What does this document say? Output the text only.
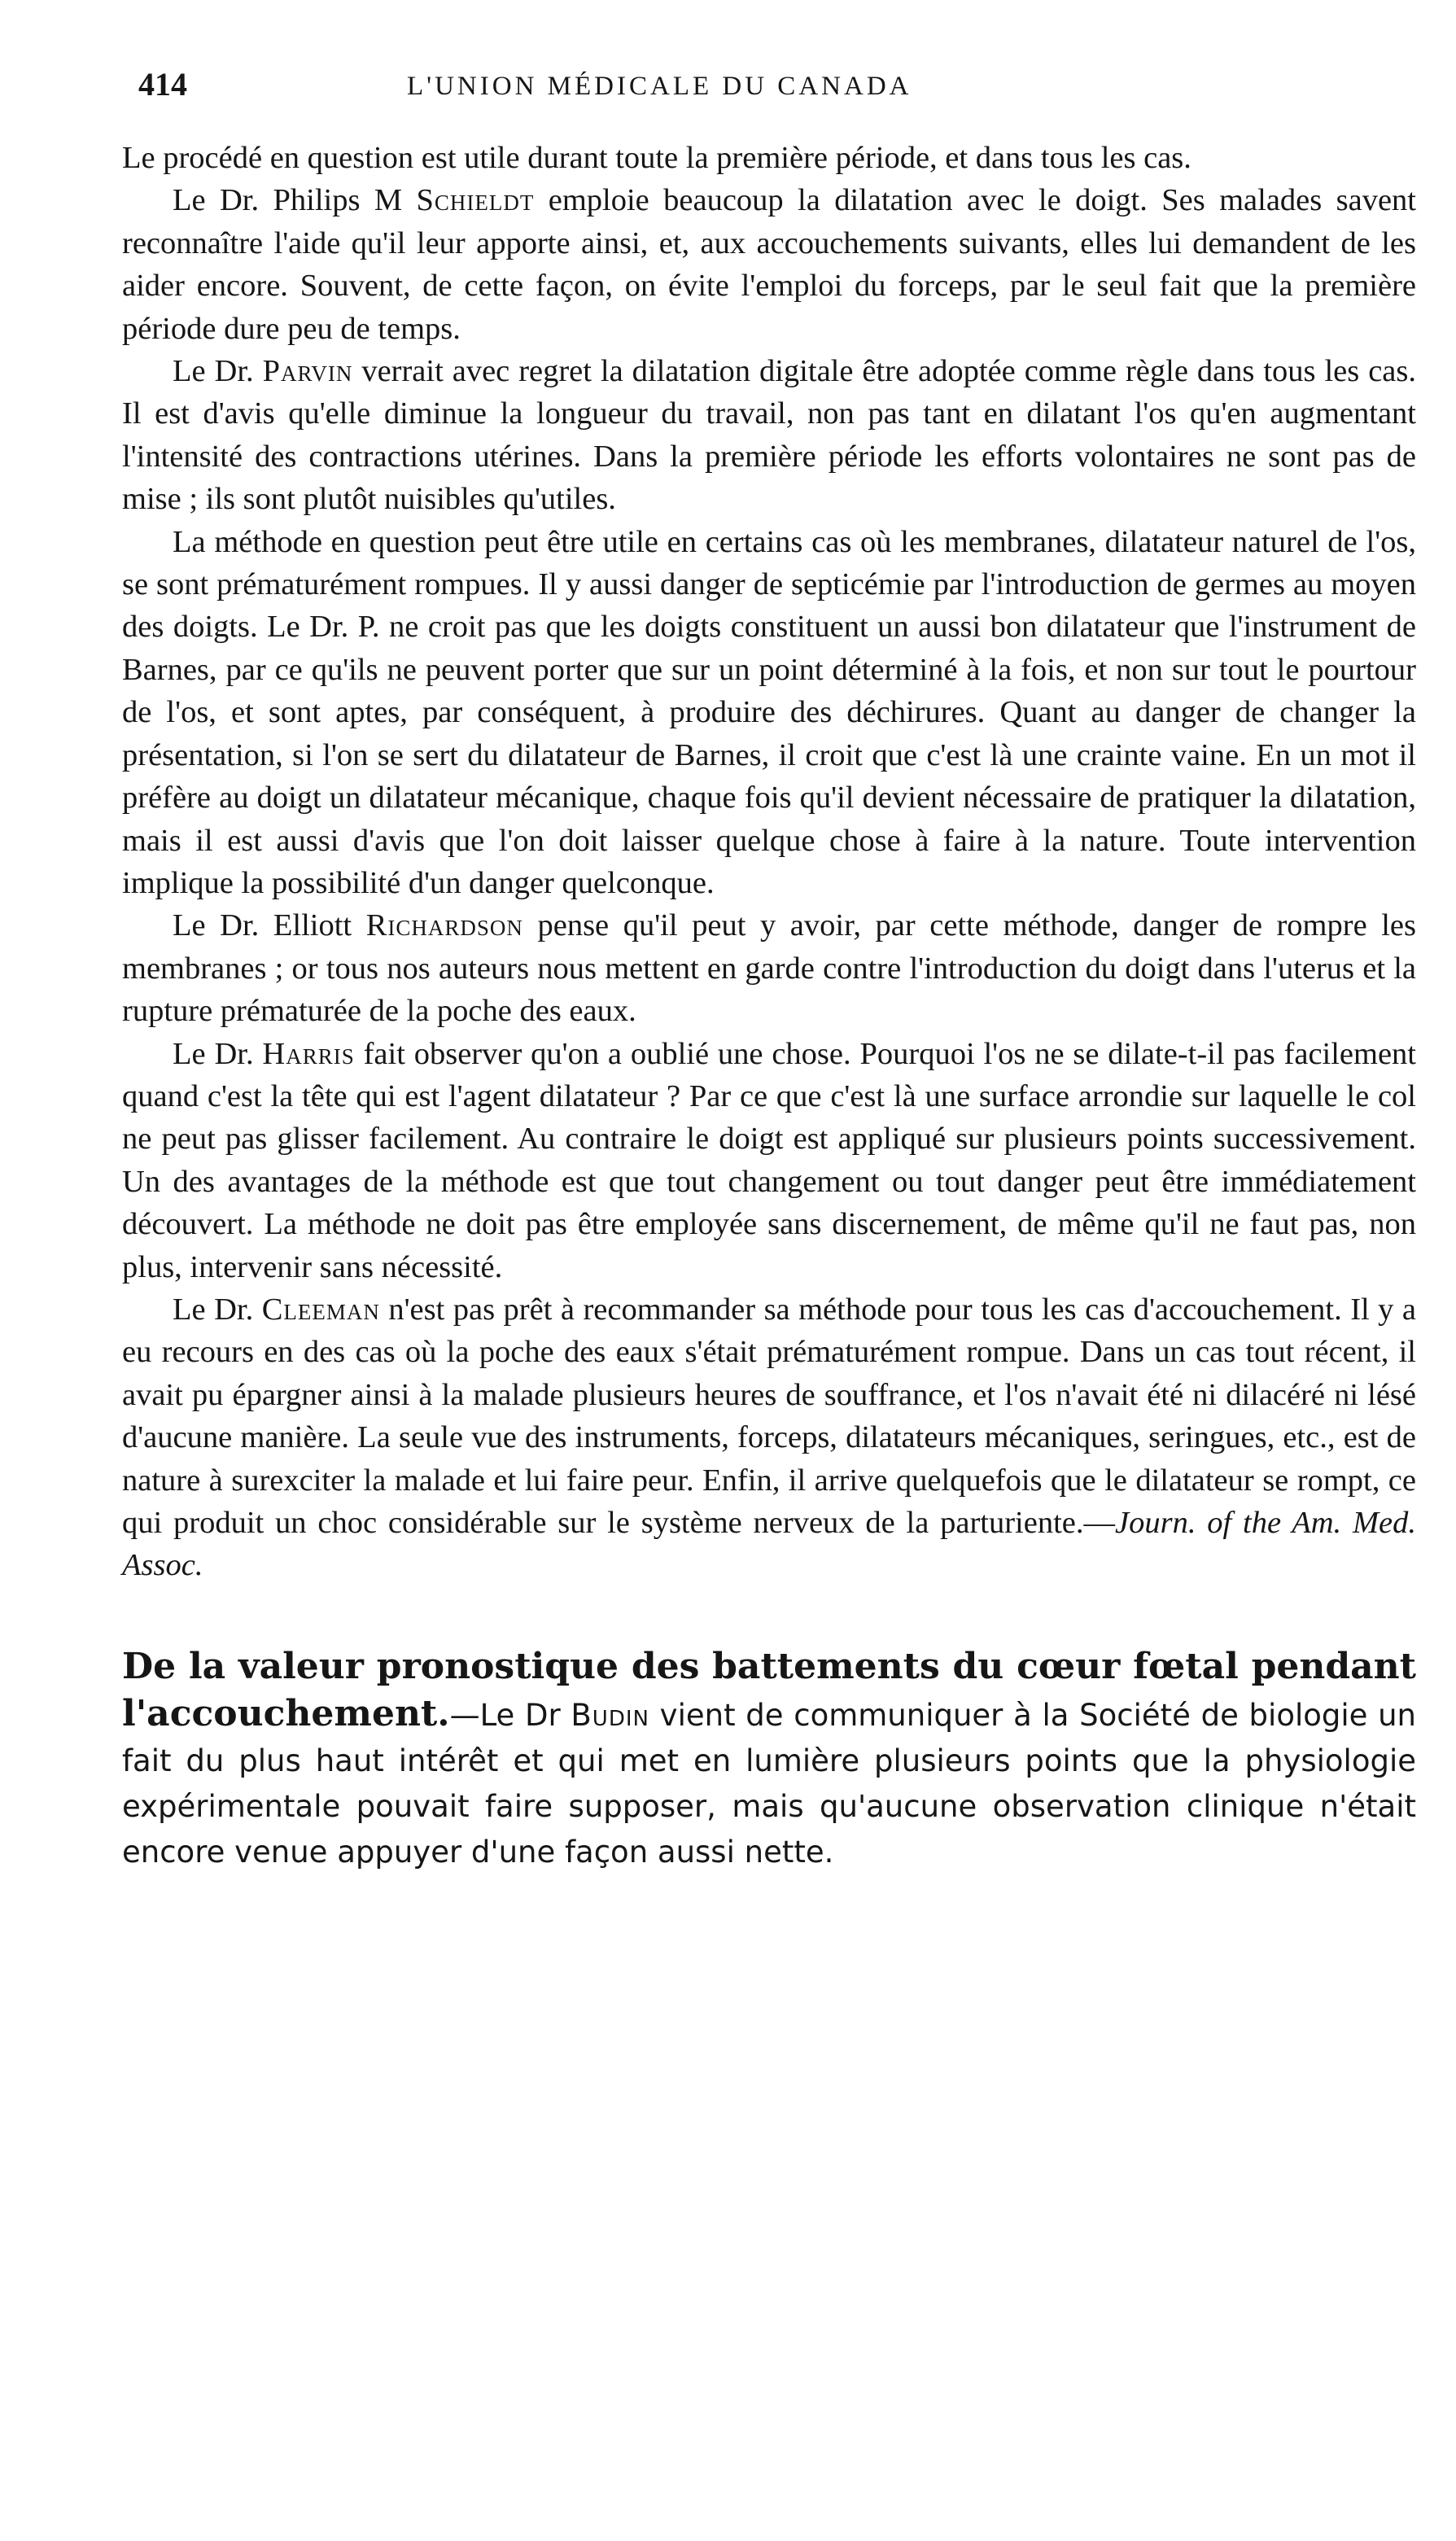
414	L'UNION MÉDICALE DU CANADA

Le procédé en question est utile durant toute la première période, et dans tous les cas.

Le Dr. Philips M Schieldt emploie beaucoup la dilatation avec le doigt. Ses malades savent reconnaître l'aide qu'il leur apporte ainsi, et, aux accouchements suivants, elles lui demandent de les aider encore. Souvent, de cette façon, on évite l'emploi du forceps, par le seul fait que la première période dure peu de temps.

Le Dr. Parvin verrait avec regret la dilatation digitale être adoptée comme règle dans tous les cas. Il est d'avis qu'elle diminue la longueur du travail, non pas tant en dilatant l'os qu'en augmentant l'intensité des contractions utérines. Dans la première période les efforts volontaires ne sont pas de mise ; ils sont plutôt nuisibles qu'utiles.

La méthode en question peut être utile en certains cas où les membranes, dilatateur naturel de l'os, se sont prématurément rompues. Il y aussi danger de septicémie par l'introduction de germes au moyen des doigts. Le Dr. P. ne croit pas que les doigts constituent un aussi bon dilatateur que l'instrument de Barnes, par ce qu'ils ne peuvent porter que sur un point déterminé à la fois, et non sur tout le pourtour de l'os, et sont aptes, par conséquent, à produire des déchirures. Quant au danger de changer la présentation, si l'on se sert du dilatateur de Barnes, il croit que c'est là une crainte vaine. En un mot il préfère au doigt un dilatateur mécanique, chaque fois qu'il devient nécessaire de pratiquer la dilatation, mais il est aussi d'avis que l'on doit laisser quelque chose à faire à la nature. Toute intervention implique la possibilité d'un danger quelconque.

Le Dr. Elliott Richardson pense qu'il peut y avoir, par cette méthode, danger de rompre les membranes ; or tous nos auteurs nous mettent en garde contre l'introduction du doigt dans l'uterus et la rupture prématurée de la poche des eaux.

Le Dr. Harris fait observer qu'on a oublié une chose. Pourquoi l'os ne se dilate-t-il pas facilement quand c'est la tête qui est l'agent dilatateur ? Par ce que c'est là une surface arrondie sur laquelle le col ne peut pas glisser facilement. Au contraire le doigt est appliqué sur plusieurs points successivement. Un des avantages de la méthode est que tout changement ou tout danger peut être immédiatement découvert. La méthode ne doit pas être employée sans discernement, de même qu'il ne faut pas, non plus, intervenir sans nécessité.

Le Dr. Cleeman n'est pas prêt à recommander sa méthode pour tous les cas d'accouchement. Il y a eu recours en des cas où la poche des eaux s'était prématurément rompue. Dans un cas tout récent, il avait pu épargner ainsi à la malade plusieurs heures de souffrance, et l'os n'avait été ni dilacéré ni lésé d'aucune manière. La seule vue des instruments, forceps, dilatateurs mécaniques, seringues, etc., est de nature à surexciter la malade et lui faire peur. Enfin, il arrive quelquefois que le dilatateur se rompt, ce qui produit un choc considérable sur le système nerveux de la parturiente.—Journ. of the Am. Med. Assoc.

De la valeur pronostique des battements du cœur fœtal pendant l'accouchement.—Le Dr Budin vient de communiquer à la Société de biologie un fait du plus haut intérêt et qui met en lumière plusieurs points que la physiologie expérimentale pouvait faire supposer, mais qu'aucune observation clinique n'était encore venue appuyer d'une façon aussi nette.
